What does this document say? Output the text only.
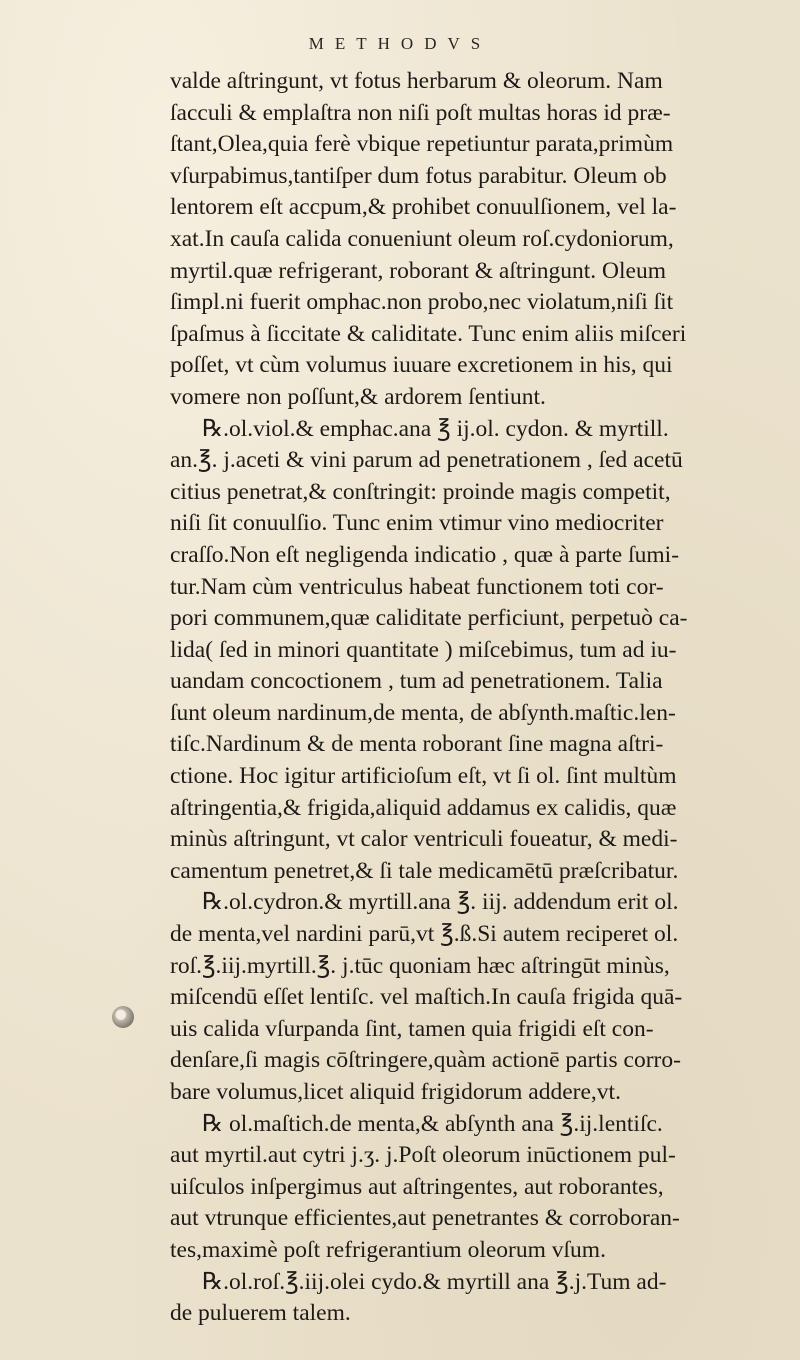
METHODVS
valde aſtringunt, vt fotus herbarum & oleorum. Nam
ſacculi & emplaſtra non niſi poſt multas horas id præ-
ſtant,Olea,quia ferè vbique repetiuntur parata,primùm
vſurpabimus,tantiſper dum fotus parabitur. Oleum ob
lentorem eſt accpum,& prohibet conuulſionem, vel la-
xat.In cauſa calida conueniunt oleum roſ.cydoniorum,
myrtil.quæ refrigerant, roborant & aſtringunt. Oleum
ſimpl.ni fuerit omphac.non probo,nec violatum,niſi ſit
ſpaſmus à ſiccitate & caliditate. Tunc enim aliis miſceri
poſſet, vt cùm volumus iuuare excretionem in his, qui
vomere non poſſunt,& ardorem ſentiunt.
℞.ol.viol.& emphac.ana ℥ ij.ol. cydon. & myrtill.
an.℥. j.aceti & vini parum ad penetrationem , ſed acetū
citius penetrat,& conſtringit: proinde magis competit,
niſi ſit conuulſio. Tunc enim vtimur vino mediocriter
craſſo.Non eſt negligenda indicatio , quæ à parte ſumi-
tur.Nam cùm ventriculus habeat functionem toti cor-
pori communem,quæ caliditate perficiunt, perpetuò ca-
lida( ſed in minori quantitate ) miſcebimus, tum ad iu-
uandam concoctionem , tum ad penetrationem. Talia
ſunt oleum nardinum,de menta, de abſynth.maſtic.len-
tiſc.Nardinum & de menta roborant ſine magna aſtri-
ctione. Hoc igitur artificioſum eſt, vt ſi ol. ſint multùm
aſtringentia,& frigida,aliquid addamus ex calidis, quæ
minùs aſtringunt, vt calor ventriculi foueatur, & medi-
camentum penetret,& ſi tale medicamētū præſcribatur.
℞.ol.cydron.& myrtill.ana ℥. iij. addendum erit ol.
de menta,vel nardini parū,vt ℥.ß.Si autem reciperet ol.
roſ.℥.iij.myrtill.℥. j.tūc quoniam hæc aſtringūt minùs,
miſcendū eſſet lentiſc. vel maſtich.In cauſa frigida quā-
uis calida vſurpanda ſint, tamen quia frigidi eſt con-
denſare,ſi magis cōſtringere,quàm actionē partis corro-
bare volumus,licet aliquid frigidorum addere,vt.
℞ ol.maſtich.de menta,& abſynth ana ℥.ij.lentiſc.
aut myrtil.aut cytri j.ʒ. j.Poſt oleorum inūctionem pul-
uiſculos inſpergimus aut aſtringentes, aut roborantes,
aut vtrunque efficientes,aut penetrantes & corroboran-
tes,maximè poſt refrigerantium oleorum vſum.
℞.ol.roſ.℥.iij.olei cydo.& myrtill ana ℥.j.Tum ad-
de puluerem talem.
